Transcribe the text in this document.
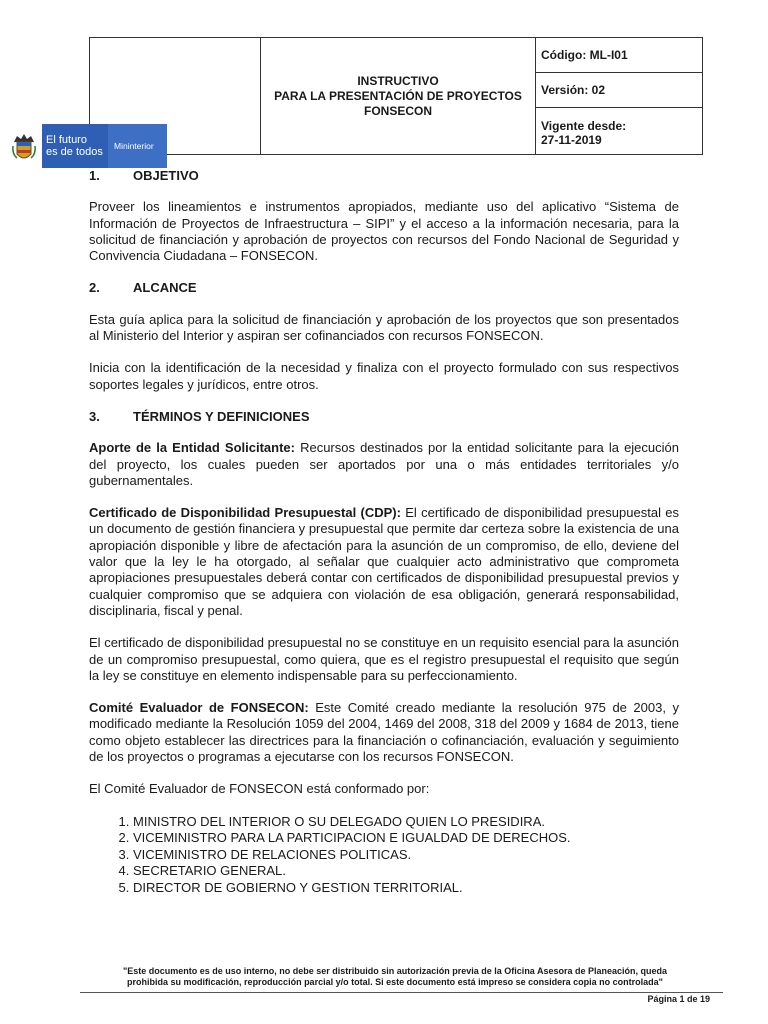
INSTRUCTIVO
PARA LA PRESENTACIÓN DE PROYECTOS
FONSECON
Código: ML-I01
Versión: 02
Vigente desde:
27-11-2019
El futuro
es de todos Mininterior
1.	OBJETIVO

Proveer los lineamientos e instrumentos apropiados, mediante uso del aplicativo “Sistema de Información de Proyectos de Infraestructura – SIPI” y el acceso a la información necesaria, para la solicitud de financiación y aprobación de proyectos con recursos del Fondo Nacional de Seguridad y Convivencia Ciudadana – FONSECON.

2.	ALCANCE

Esta guía aplica para la solicitud de financiación y aprobación de los proyectos que son presentados al Ministerio del Interior y aspiran ser cofinanciados con recursos FONSECON.

Inicia con la identificación de la necesidad y finaliza con el proyecto formulado con sus respectivos soportes legales y jurídicos, entre otros.

3.	TÉRMINOS Y DEFINICIONES

Aporte de la Entidad Solicitante: Recursos destinados por la entidad solicitante para la ejecución del proyecto, los cuales pueden ser aportados por una o más entidades territoriales y/o gubernamentales.

Certificado de Disponibilidad Presupuestal (CDP): El certificado de disponibilidad presupuestal es un documento de gestión financiera y presupuestal que permite dar certeza sobre la existencia de una apropiación disponible y libre de afectación para la asunción de un compromiso, de ello, deviene del valor que la ley le ha otorgado, al señalar que cualquier acto administrativo que comprometa apropiaciones presupuestales deberá contar con certificados de disponibilidad presupuestal previos y cualquier compromiso que se adquiera con violación de esa obligación, generará responsabilidad, disciplinaria, fiscal y penal.

El certificado de disponibilidad presupuestal no se constituye en un requisito esencial para la asunción de un compromiso presupuestal, como quiera, que es el registro presupuestal el requisito que según la ley se constituye en elemento indispensable para su perfeccionamiento.

Comité Evaluador de FONSECON: Este Comité creado mediante la resolución 975 de 2003, y modificado mediante la Resolución 1059 del 2004, 1469 del 2008, 318 del 2009 y 1684 de 2013, tiene como objeto establecer las directrices para la financiación o cofinanciación, evaluación y seguimiento de los proyectos o programas a ejecutarse con los recursos FONSECON.

El Comité Evaluador de FONSECON está conformado por:

1. MINISTRO DEL INTERIOR O SU DELEGADO QUIEN LO PRESIDIRA.
2. VICEMINISTRO PARA LA PARTICIPACION E IGUALDAD DE DERECHOS.
3. VICEMINISTRO DE RELACIONES POLITICAS.
4. SECRETARIO GENERAL.
5. DIRECTOR DE GOBIERNO Y GESTION TERRITORIAL.
"Este documento es de uso interno, no debe ser distribuido sin autorización previa de la Oficina Asesora de Planeación, queda
prohibida su modificación, reproducción parcial y/o total. Si este documento está impreso se considera copia no controlada"
Página 1 de 19
